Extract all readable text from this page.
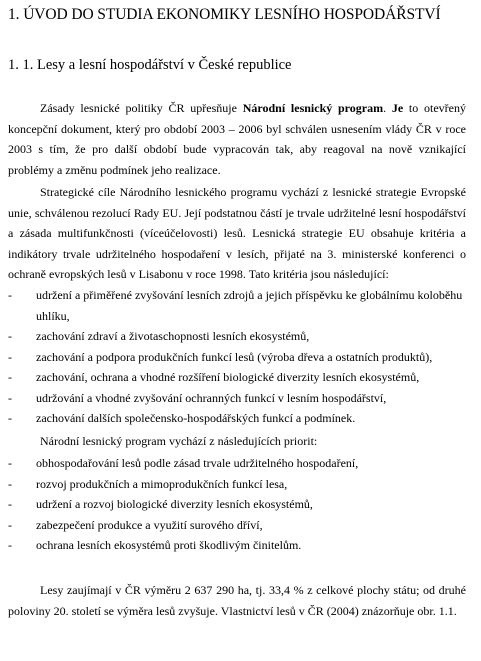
1. ÚVOD DO STUDIA EKONOMIKY LESNÍHO HOSPODÁŘSTVÍ
1. 1. Lesy a lesní hospodářství v České republice
Zásady lesnické politiky ČR upřesňuje Národní lesnický program. Je to otevřený koncepční dokument, který pro období 2003 – 2006 byl schválen usnesením vlády ČR v roce 2003 s tím, že pro další období bude vypracován tak, aby reagoval na nově vznikající problémy a změnu podmínek jeho realizace.
Strategické cíle Národního lesnického programu vychází z lesnické strategie Evropské unie, schválenou rezolucí Rady EU. Její podstatnou částí je trvale udržitelné lesní hospodářství a zásada multifunkčnosti (víceúčelovosti) lesů. Lesnická strategie EU obsahuje kritéria a indikátory trvale udržitelného hospodaření v lesích, přijaté na 3. ministerské konferenci o ochraně evropských lesů v Lisabonu v roce 1998. Tato kritéria jsou následující:
- udržení a přiměřené zvyšování lesních zdrojů a jejich příspěvku ke globálnímu koloběhu uhlíku,
- zachování zdraví a životaschopnosti lesních ekosystémů,
- zachování a podpora produkčních funkcí lesů (výroba dřeva a ostatních produktů),
- zachování, ochrana a vhodné rozšíření biologické diverzity lesních ekosystémů,
- udržování a vhodné zvyšování ochranných funkcí v lesním hospodářství,
- zachování dalších společensko-hospodářských funkcí a podmínek.
Národní lesnický program vychází z následujících priorit:
- obhospodařování lesů podle zásad trvale udržitelného hospodaření,
- rozvoj produkčních a mimoprodukčních funkcí lesa,
- udržení a rozvoj biologické diverzity lesních ekosystémů,
- zabezpečení produkce a využití surového dříví,
- ochrana lesních ekosystémů proti škodlivým činitelům.
Lesy zaujímají v ČR výměru 2 637 290 ha, tj. 33,4 % z celkové plochy státu; od druhé poloviny 20. století se výměra lesů zvyšuje. Vlastnictví lesů v ČR (2004) znázorňuje obr. 1.1.
